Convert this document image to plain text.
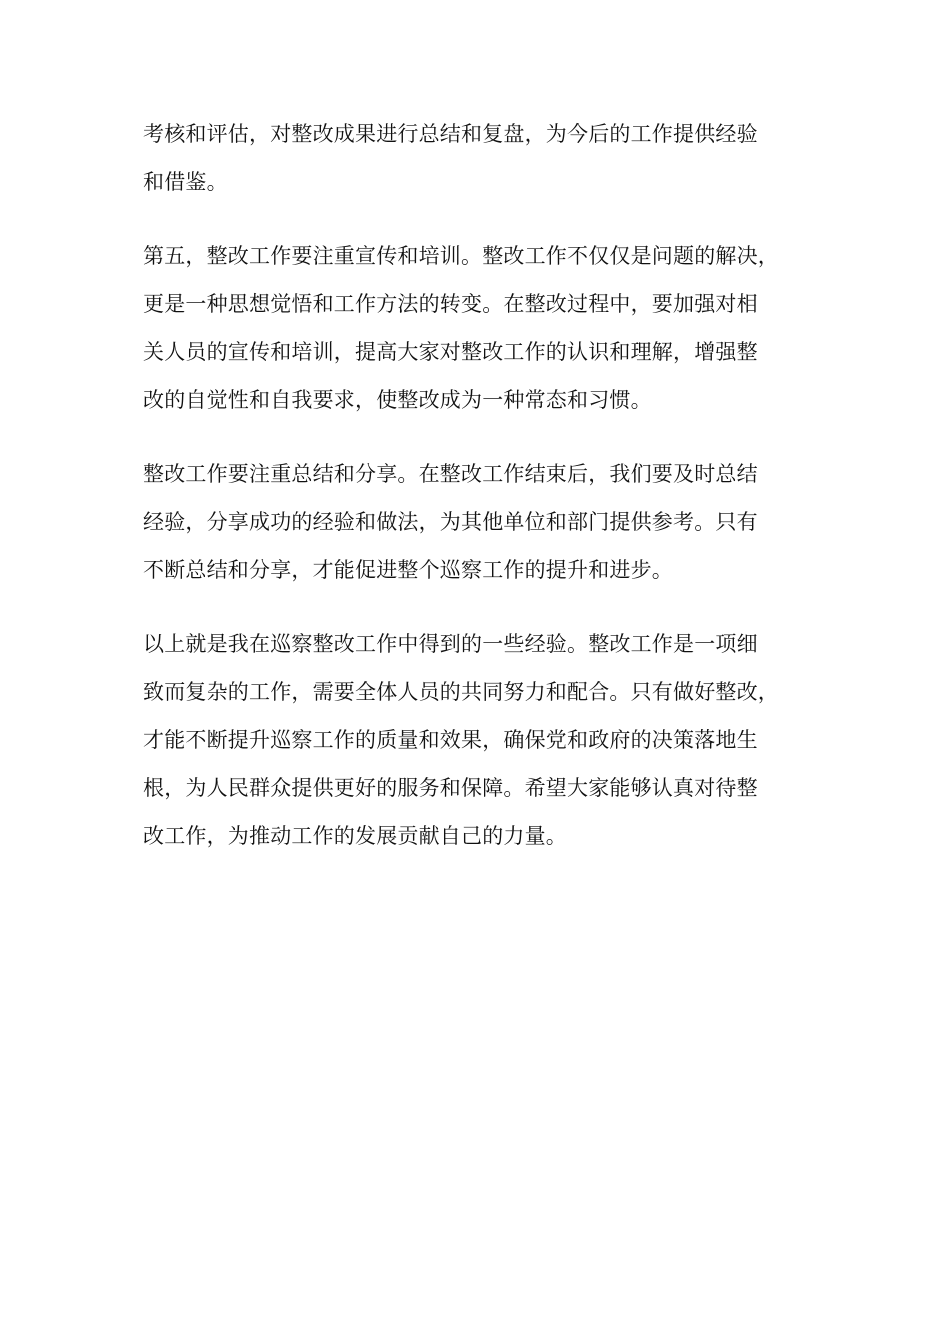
考核和评估，对整改成果进行总结和复盘，为今后的工作提供经验
和借鉴。

第五，整改工作要注重宣传和培训。整改工作不仅仅是问题的解决，
更是一种思想觉悟和工作方法的转变。在整改过程中，要加强对相
关人员的宣传和培训，提高大家对整改工作的认识和理解，增强整
改的自觉性和自我要求，使整改成为一种常态和习惯。

整改工作要注重总结和分享。在整改工作结束后，我们要及时总结
经验，分享成功的经验和做法，为其他单位和部门提供参考。只有
不断总结和分享，才能促进整个巡察工作的提升和进步。

以上就是我在巡察整改工作中得到的一些经验。整改工作是一项细
致而复杂的工作，需要全体人员的共同努力和配合。只有做好整改，
才能不断提升巡察工作的质量和效果，确保党和政府的决策落地生
根，为人民群众提供更好的服务和保障。希望大家能够认真对待整
改工作，为推动工作的发展贡献自己的力量。
